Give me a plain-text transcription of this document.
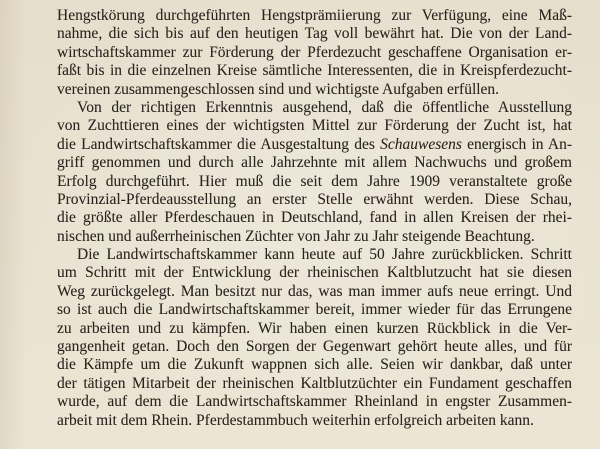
Hengstkörung durchgeführten Hengstprämiierung zur Verfügung, eine Maß-
nahme, die sich bis auf den heutigen Tag voll bewährt hat. Die von der Land-
wirtschaftskammer zur Förderung der Pferdezucht geschaffene Organisation er-
faßt bis in die einzelnen Kreise sämtliche Interessenten, die in Kreispferdezucht-
vereinen zusammengeschlossen sind und wichtigste Aufgaben erfüllen.
Von der richtigen Erkenntnis ausgehend, daß die öffentliche Ausstellung
von Zuchttieren eines der wichtigsten Mittel zur Förderung der Zucht ist, hat
die Landwirtschaftskammer die Ausgestaltung des Schauwesens energisch in An-
griff genommen und durch alle Jahrzehnte mit allem Nachwuchs und großem
Erfolg durchgeführt. Hier muß die seit dem Jahre 1909 veranstaltete große
Provinzial-Pferdeausstellung an erster Stelle erwähnt werden. Diese Schau,
die größte aller Pferdeschauen in Deutschland, fand in allen Kreisen der rhei-
nischen und außerrheinischen Züchter von Jahr zu Jahr steigende Beachtung.
Die Landwirtschaftskammer kann heute auf 50 Jahre zurückblicken. Schritt
um Schritt mit der Entwicklung der rheinischen Kaltblutzucht hat sie diesen
Weg zurückgelegt. Man besitzt nur das, was man immer aufs neue erringt. Und
so ist auch die Landwirtschaftskammer bereit, immer wieder für das Errungene
zu arbeiten und zu kämpfen. Wir haben einen kurzen Rückblick in die Ver-
gangenheit getan. Doch den Sorgen der Gegenwart gehört heute alles, und für
die Kämpfe um die Zukunft wappnen sich alle. Seien wir dankbar, daß unter
der tätigen Mitarbeit der rheinischen Kaltblutzüchter ein Fundament geschaffen
wurde, auf dem die Landwirtschaftskammer Rheinland in engster Zusammen-
arbeit mit dem Rhein. Pferdestammbuch weiterhin erfolgreich arbeiten kann.
